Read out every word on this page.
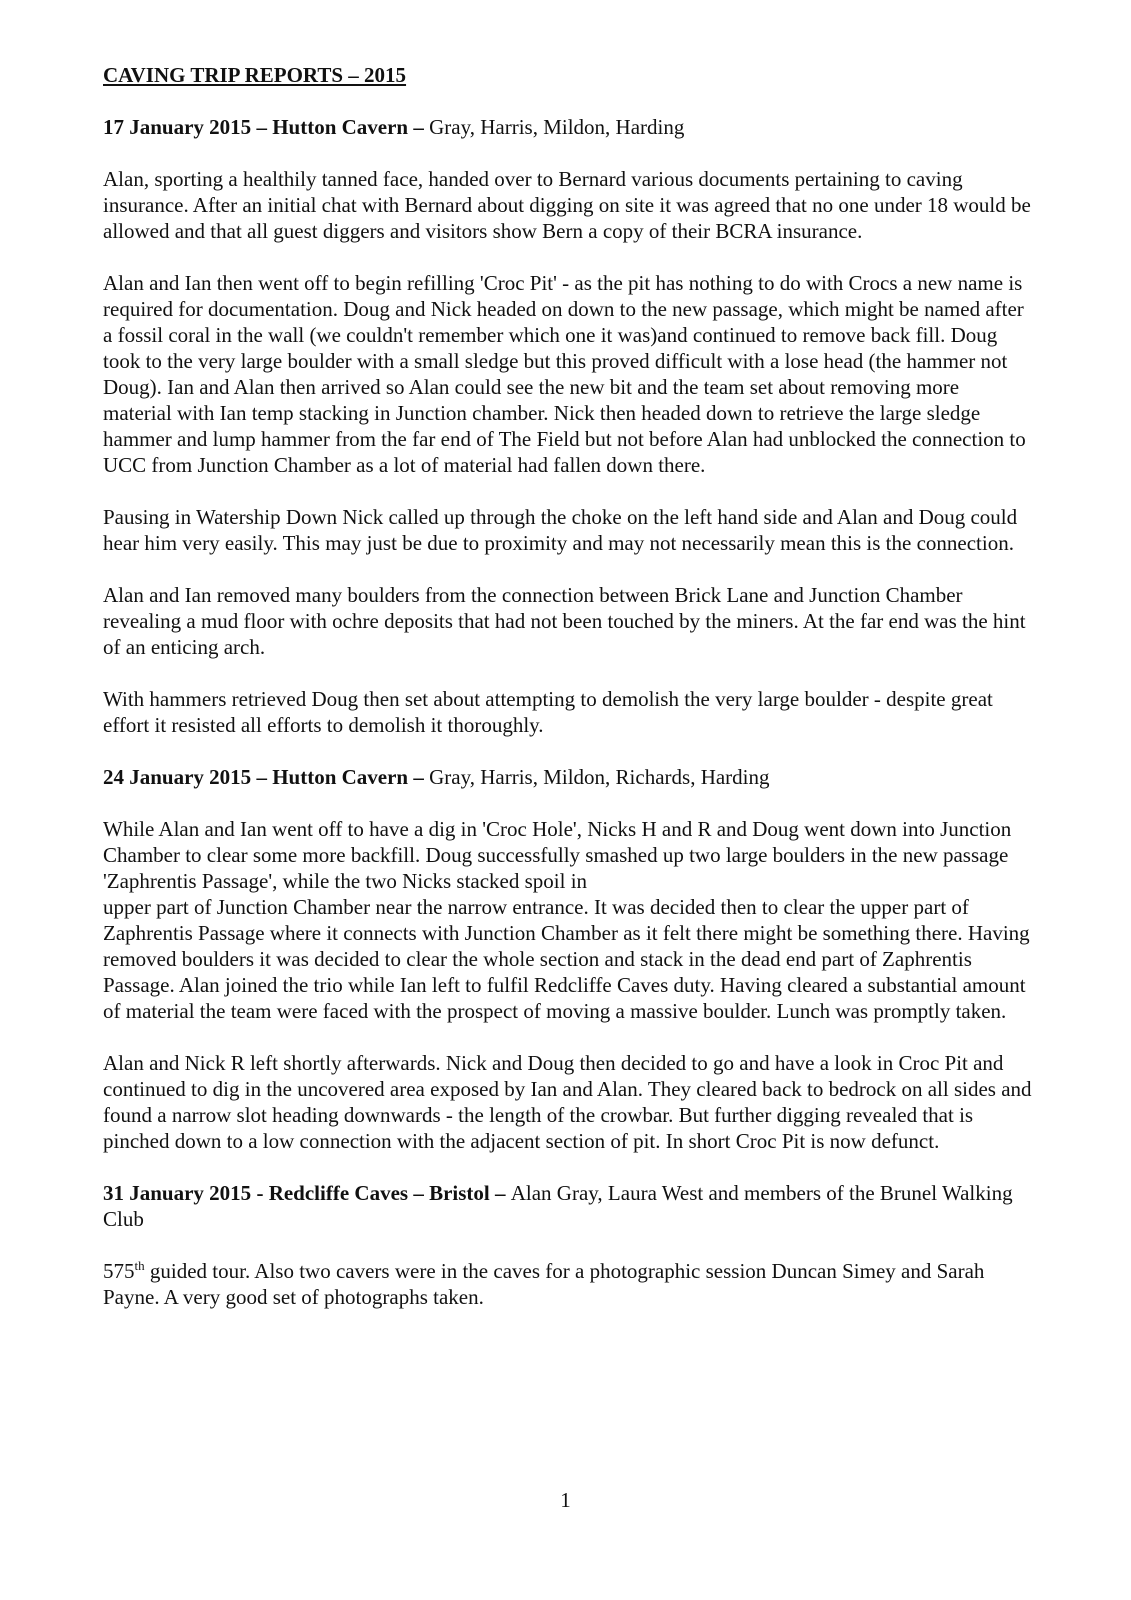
CAVING TRIP REPORTS – 2015
17 January 2015 – Hutton Cavern – Gray, Harris, Mildon, Harding

Alan, sporting a healthily tanned face, handed over to Bernard various documents pertaining to caving insurance. After an initial chat with Bernard about digging on site it was agreed that no one under 18 would be allowed and that all guest diggers and visitors show Bern a copy of their BCRA insurance.

Alan and Ian then went off to begin refilling 'Croc Pit' - as the pit has nothing to do with Crocs a new name is required for documentation. Doug and Nick headed on down to the new passage, which might be named after a fossil coral in the wall (we couldn't remember which one it was)and continued to remove back fill. Doug took to the very large boulder with a small sledge but this proved difficult with a lose head (the hammer not Doug). Ian and Alan then arrived so Alan could see the new bit and the team set about removing more material with Ian temp stacking in Junction chamber. Nick then headed down to retrieve the large sledge hammer and lump hammer from the far end of The Field but not before Alan had unblocked the connection to UCC from Junction Chamber as a lot of material had fallen down there.

Pausing in Watership Down Nick called up through the choke on the left hand side and Alan and Doug could hear him very easily. This may just be due to proximity and may not necessarily mean this is the connection.

Alan and Ian removed many boulders from the connection between Brick Lane and Junction Chamber revealing a mud floor with ochre deposits that had not been touched by the miners. At the far end was the hint of an enticing arch.

With hammers retrieved Doug then set about attempting to demolish the very large boulder - despite great effort it resisted all efforts to demolish it thoroughly.

24 January 2015 – Hutton Cavern – Gray, Harris, Mildon, Richards, Harding

While Alan and Ian went off to have a dig in 'Croc Hole', Nicks H and R and Doug went down into Junction Chamber to clear some more backfill. Doug successfully smashed up two large boulders in the new passage 'Zaphrentis Passage', while the two Nicks stacked spoil in
upper part of Junction Chamber near the narrow entrance. It was decided then to clear the upper part of Zaphrentis Passage where it connects with Junction Chamber as it felt there might be something there. Having removed boulders it was decided to clear the whole section and stack in the dead end part of Zaphrentis Passage. Alan joined the trio while Ian left to fulfil Redcliffe Caves duty. Having cleared a substantial amount of material the team were faced with the prospect of moving a massive boulder. Lunch was promptly taken.

Alan and Nick R left shortly afterwards. Nick and Doug then decided to go and have a look in Croc Pit and continued to dig in the uncovered area exposed by Ian and Alan. They cleared back to bedrock on all sides and found a narrow slot heading downwards - the length of the crowbar. But further digging revealed that is pinched down to a low connection with the adjacent section of pit. In short Croc Pit is now defunct.

31 January 2015 - Redcliffe Caves – Bristol – Alan Gray, Laura West and members of the Brunel Walking Club

575th guided tour. Also two cavers were in the caves for a photographic session Duncan Simey and Sarah Payne. A very good set of photographs taken.

1
